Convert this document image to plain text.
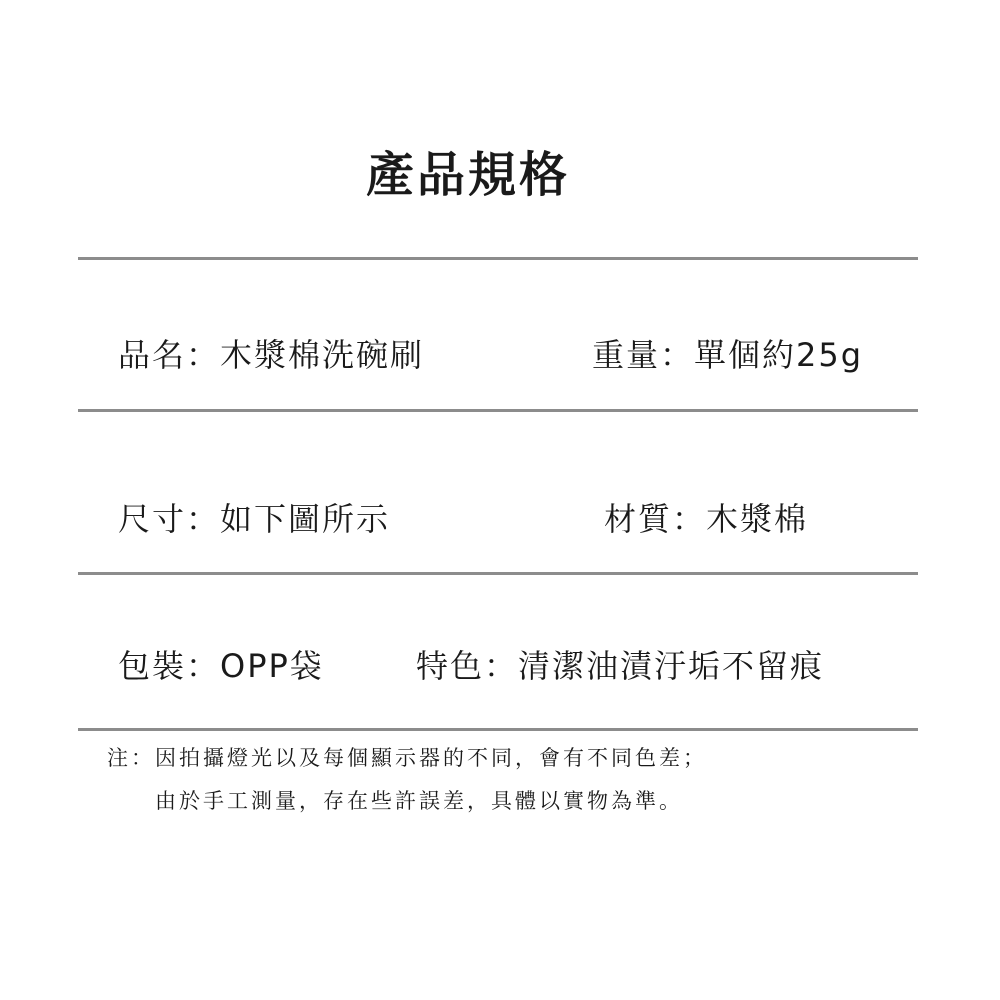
產品規格
品名：木漿棉洗碗刷	重量：單個約25g
尺寸：如下圖所示	材質：木漿棉
包裝：OPP袋	特色：清潔油漬汙垢不留痕
注：因拍攝燈光以及每個顯示器的不同，會有不同色差；
由於手工測量，存在些許誤差，具體以實物為準。
